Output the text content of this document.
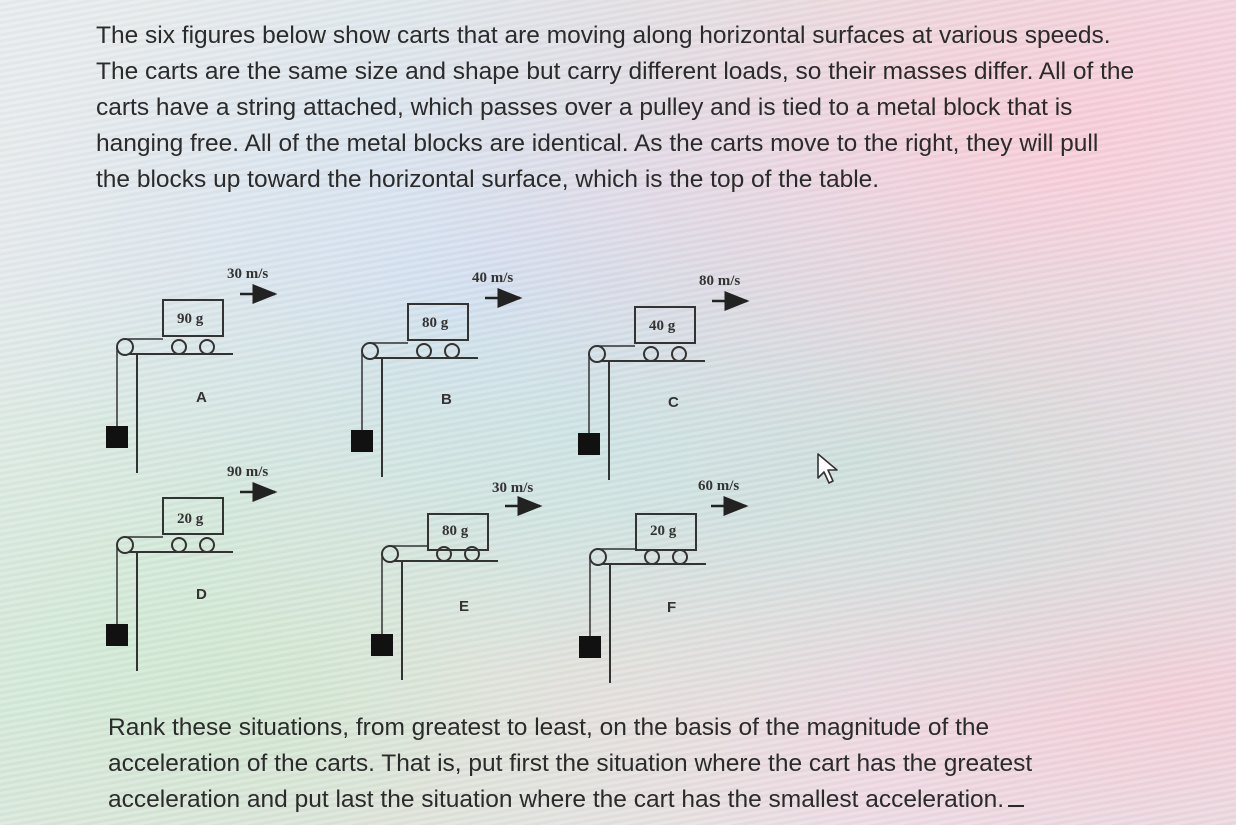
The six figures below show carts that are moving along horizontal surfaces at various speeds. The carts are the same size and shape but carry different loads, so their masses differ. All of the carts have a string attached, which passes over a pulley and is tied to a metal block that is hanging free. All of the metal blocks are identical. As the carts move to the right, they will pull the blocks up toward the horizontal surface, which is the top of the table.

30 m/s
90 g
A
40 m/s
80 g
B
80 m/s
40 g
C
90 m/s
20 g
D
30 m/s
80 g
E
60 m/s
20 g
F

Rank these situations, from greatest to least, on the basis of the magnitude of the acceleration of the carts. That is, put first the situation where the cart has the greatest acceleration and put last the situation where the cart has the smallest acceleration.
